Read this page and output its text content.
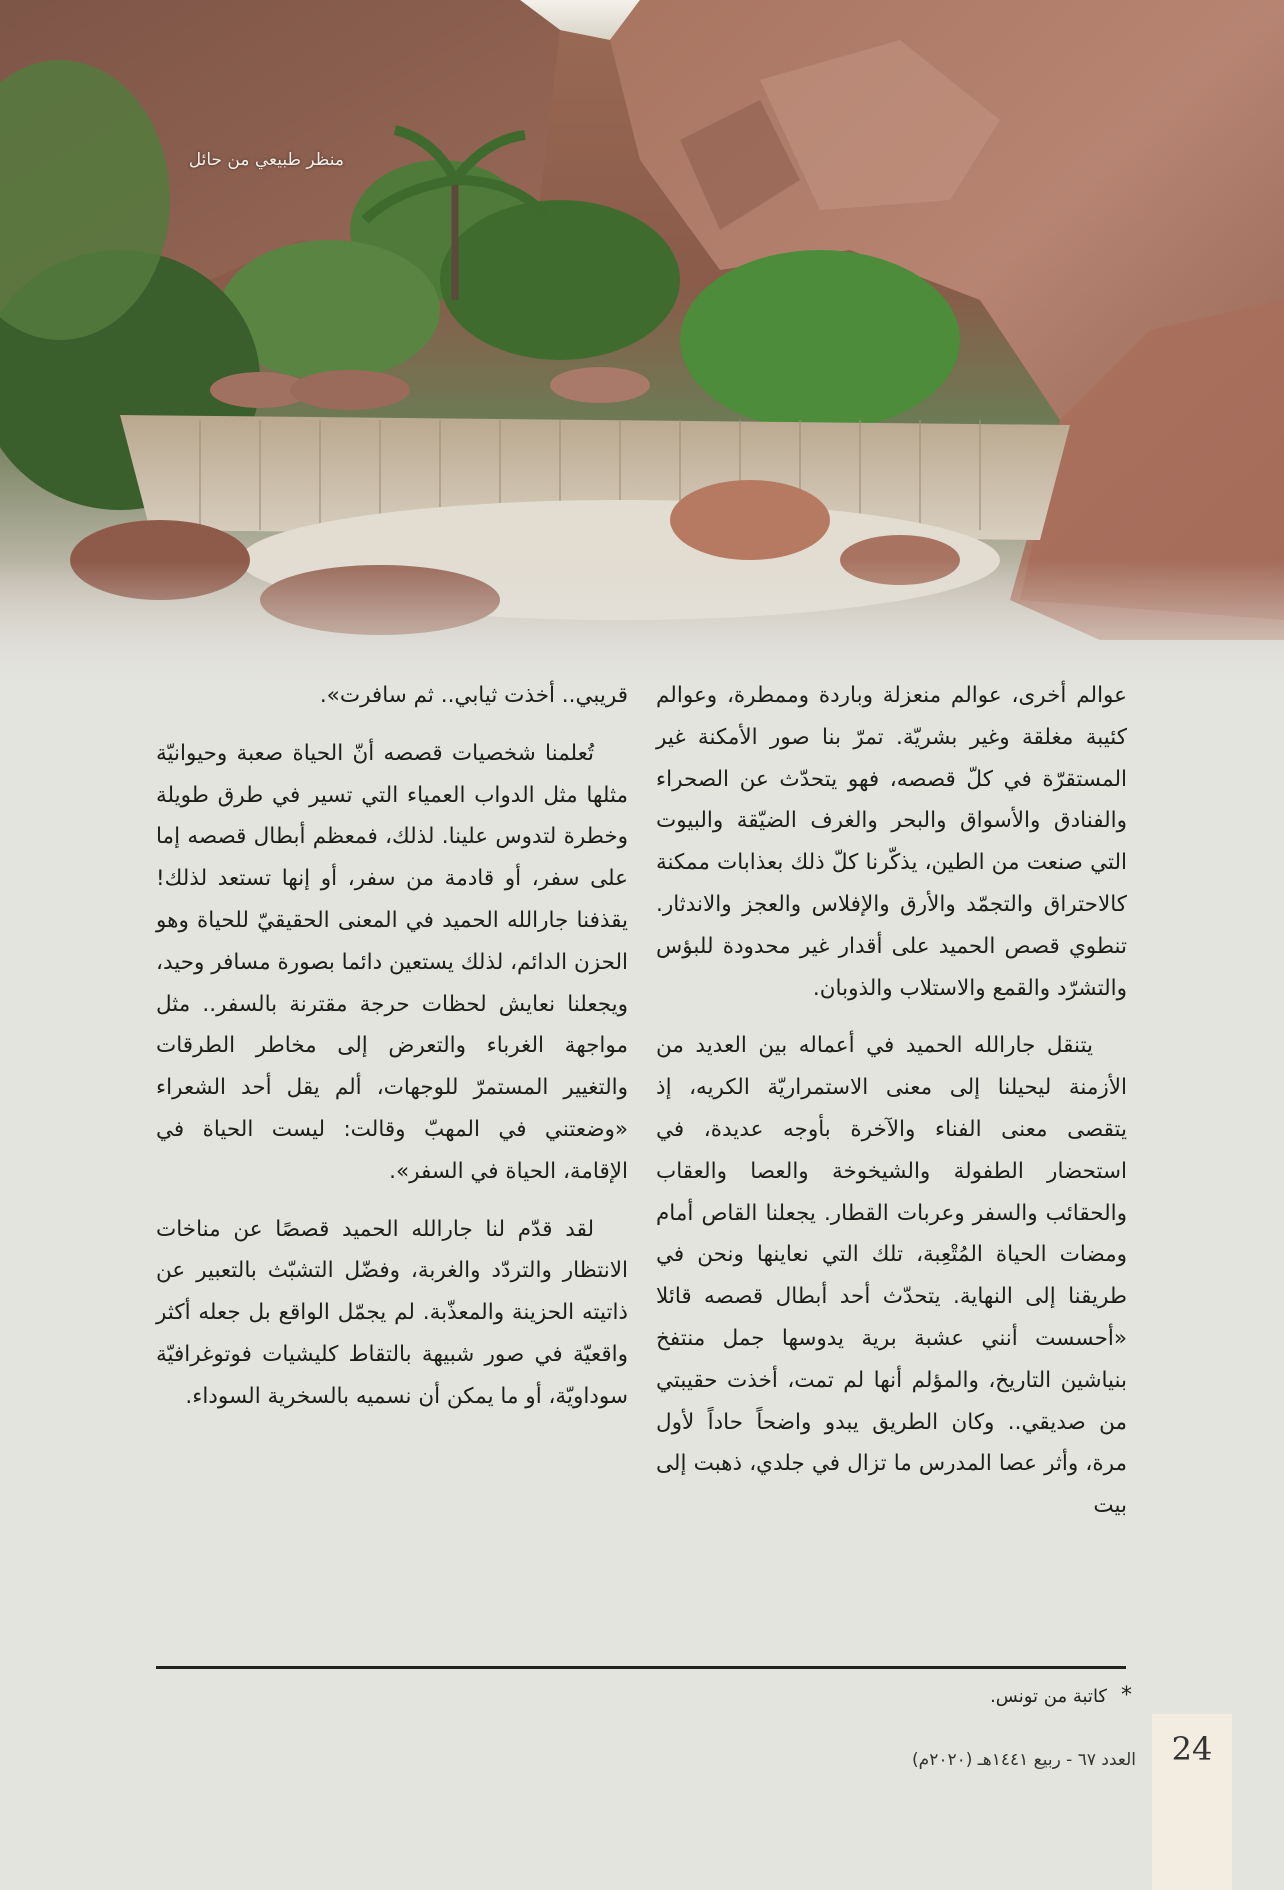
منظر طبيعي من حائل

عوالم أخرى، عوالم منعزلة وباردة وممطرة، وعوالم كئيبة مغلقة وغير بشريّة. تمرّ بنا صور الأمكنة غير المستقرّة في كلّ قصصه، فهو يتحدّث عن الصحراء والفنادق والأسواق والبحر والغرف الضيّقة والبيوت التي صنعت من الطين، يذكّرنا كلّ ذلك بعذابات ممكنة كالاحتراق والتجمّد والأرق والإفلاس والعجز والاندثار. تنطوي قصص الحميد على أقدار غير محدودة للبؤس والتشرّد والقمع والاستلاب والذوبان.

يتنقل جارالله الحميد في أعماله بين العديد من الأزمنة ليحيلنا إلى معنى الاستمراريّة الكريه، إذ يتقصى معنى الفناء والآخرة بأوجه عديدة، في استحضار الطفولة والشيخوخة والعصا والعقاب والحقائب والسفر وعربات القطار. يجعلنا القاص أمام ومضات الحياة المُتْعِبة، تلك التي نعاينها ونحن في طريقنا إلى النهاية. يتحدّث أحد أبطال قصصه قائلا «أحسست أنني عشبة برية يدوسها جمل منتفخ بنياشين التاريخ، والمؤلم أنها لم تمت، أخذت حقيبتي من صديقي.. وكان الطريق يبدو واضحاً حاداً لأول مرة، وأثر عصا المدرس ما تزال في جلدي، ذهبت إلى بيت

قريبي.. أخذت ثيابي.. ثم سافرت».

تُعلمنا شخصيات قصصه أنّ الحياة صعبة وحيوانيّة مثلها مثل الدواب العمياء التي تسير في طرق طويلة وخطرة لتدوس علينا. لذلك، فمعظم أبطال قصصه إما على سفر، أو قادمة من سفر، أو إنها تستعد لذلك! يقذفنا جارالله الحميد في المعنى الحقيقيّ للحياة وهو الحزن الدائم، لذلك يستعين دائما بصورة مسافر وحيد، ويجعلنا نعايش لحظات حرجة مقترنة بالسفر.. مثل مواجهة الغرباء والتعرض إلى مخاطر الطرقات والتغيير المستمرّ للوجهات، ألم يقل أحد الشعراء «وضعتني في المهبّ وقالت: ليست الحياة في الإقامة، الحياة في السفر».

لقد قدّم لنا جارالله الحميد قصصًا عن مناخات الانتظار والتردّد والغربة، وفضّل التشبّث بالتعبير عن ذاتيته الحزينة والمعذّبة. لم يجمّل الواقع بل جعله أكثر واقعيّة في صور شبيهة بالتقاط كليشيات فوتوغرافيّة سوداويّة، أو ما يمكن أن نسميه بالسخرية السوداء.

*كاتبة من تونس.
العدد ٦٧ - ربيع ١٤٤١هـ (٢٠٢٠م)	24
